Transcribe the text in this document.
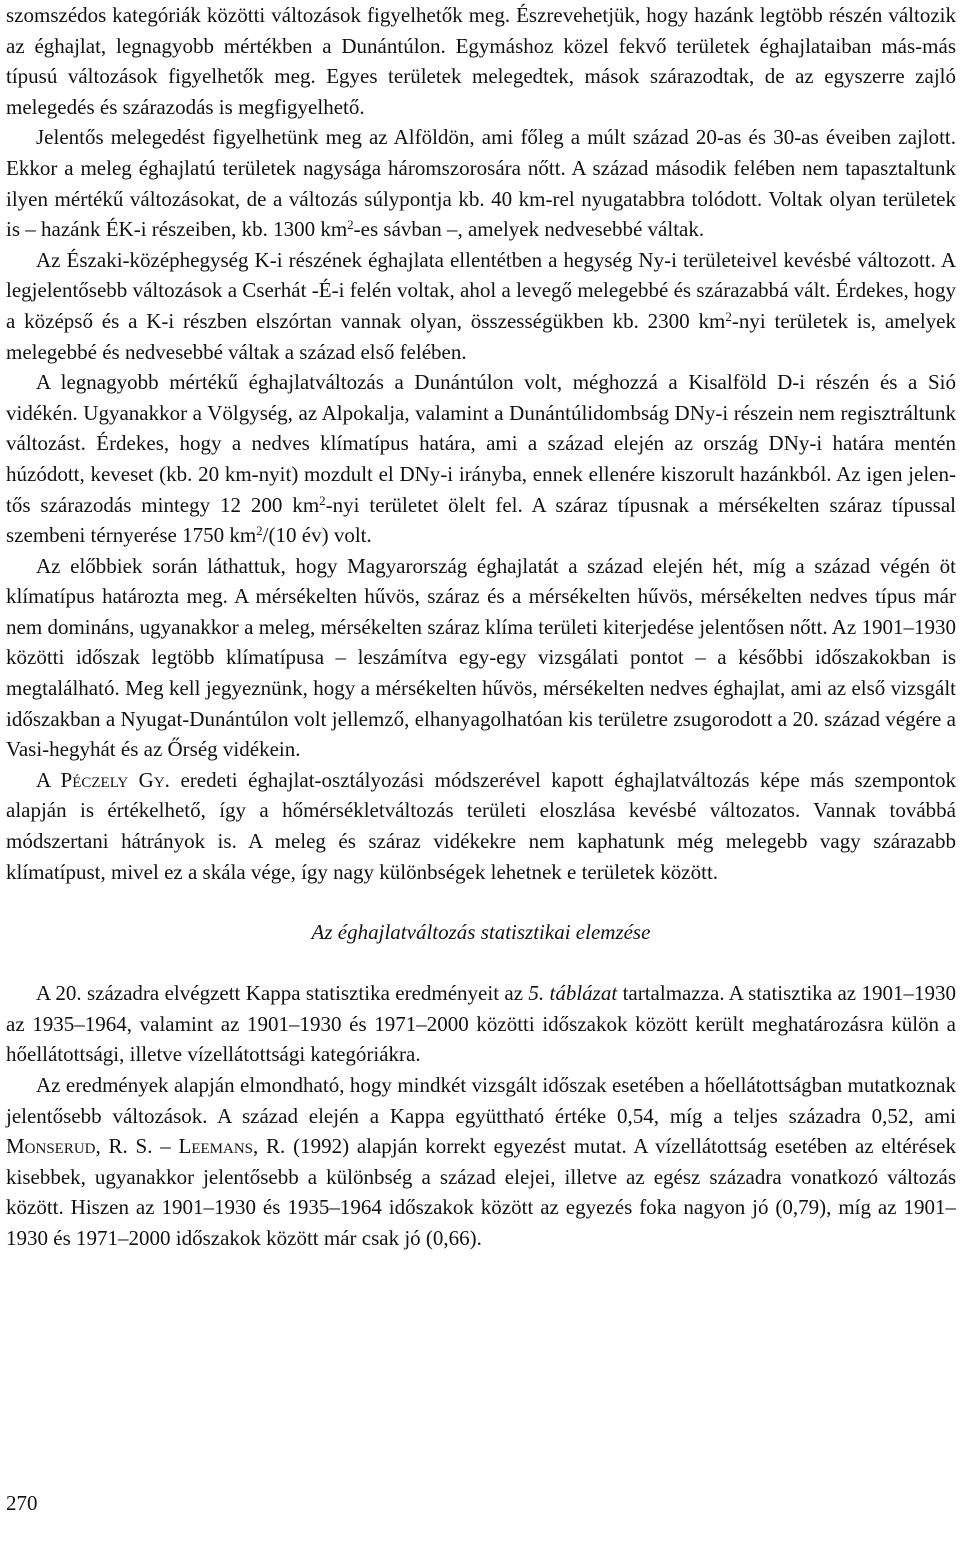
szomszédos kategóriák közötti változások figyelhetők meg. Észrevehetjük, hogy hazánk legtöbb részén változik az éghajlat, legnagyobb mértékben a Dunántúlon. Egymáshoz közel fekvő területek éghajlataiban más-más típusú változások figyelhetők meg. Egyes területek melegedtek, mások szárazodtak, de az egyszerre zajló melegedés és szárazodás is megfigyelhető.

Jelentős melegedést figyelhetünk meg az Alföldön, ami főleg a múlt század 20-as és 30-as éveiben zajlott. Ekkor a meleg éghajlatú területek nagysága háromszorosára nőtt. A század második felében nem tapasztaltunk ilyen mértékű változásokat, de a változás súlypontja kb. 40 km-rel nyugatabbra tolódott. Voltak olyan területek is – hazánk ÉK-i részeiben, kb. 1300 $km^2-es$ sávban –, amelyek nedvesebbé váltak.

Az Északi-középhegység K-i részének éghajlata ellentétben a hegység Ny-i területeivel kevésbé változott. A legjelentősebb változások a Cserhát -É-i felén voltak, ahol a levegő melegebbé és szárazabbá vált. Érdekes, hogy a középső és a K-i részben elszórtan vannak olyan, összességükben kb. 2300 $km^2$-nyi területek is, amelyek melegebbé és nedvesebbé váltak a század első felében.

A legnagyobb mértékű éghajlatváltozás a Dunántúlon volt, méghozzá a Kisalföld D-i részén és a Sió vidékén. Ugyanakkor a Völgység, az Alpokalja, valamint a Dunántúlidombság DNy-i részein nem regisztráltunk változást. Érdekes, hogy a nedves klímatípus határa, ami a század elején az ország DNy-i határa mentén húzódott, keveset (kb. 20 km-nyit) mozdult el DNy-i irányba, ennek ellenére kiszorult hazánkból. Az igen jelentős szárazodás mintegy 12 200 $km^2$-nyi területet ölelt fel. A száraz típusnak a mérsékelten száraz típussal szembeni térnyerése 1750 $km^2/(10$ év) volt.

Az előbbiek során láthattuk, hogy Magyarország éghajlatát a század elején hét, míg a század végén öt klímatípus határozta meg. A mérsékelten hűvös, száraz és a mérsékelten hűvös, mérsékelten nedves típus már nem domináns, ugyanakkor a meleg, mérsékelten száraz klíma területi kiterjedése jelentősen nőtt. Az 1901–1930 közötti időszak legtöbb klímatípusa – leszámítva egy-egy vizsgálati pontot – a későbbi időszakokban is megtalálható. Meg kell jegyeznünk, hogy a mérsékelten hűvös, mérsékelten nedves éghajlat, ami az első vizsgált időszakban a Nyugat-Dunántúlon volt jellemző, elhanyagolhatóan kis területre zsugorodott a 20. század végére a Vasi-hegyhát és az Őrség vidékein.

A Péczely Gy. eredeti éghajlat-osztályozási módszerével kapott éghajlatváltozás képe más szempontok alapján is értékelhető, így a hőmérsékletváltozás területi eloszlása kevésbé változatos. Vannak továbbá módszertani hátrányok is. A meleg és száraz vidékekre nem kaphatunk még melegebb vagy szárazabb klímatípust, mivel ez a skála vége, így nagy különbségek lehetnek e területek között.

Az éghajlatváltozás statisztikai elemzése

A 20. századra elvégzett Kappa statisztika eredményeit az 5. táblázat tartalmazza. A statisztika az 1901–1930 az 1935–1964, valamint az 1901–1930 és 1971–2000 közötti időszakok között került meghatározásra külön a hőellátottsági, illetve vízellátottsági kategóriákra.

Az eredmények alapján elmondható, hogy mindkét vizsgált időszak esetében a hőellátottságban mutatkoznak jelentősebb változások. A század elején a Kappa együttható értéke 0,54, míg a teljes századra 0,52, ami Monserud, R. S. – Leemans, R. (1992) alapján korrekt egyezést mutat. A vízellátottság esetében az eltérések kisebbek, ugyanakkor jelentősebb a különbség a század elejei, illetve az egész századra vonatkozó változás között. Hiszen az 1901–1930 és 1935–1964 időszakok között az egyezés foka nagyon jó (0,79), míg az 1901–1930 és 1971–2000 időszakok között már csak jó (0,66).

270
